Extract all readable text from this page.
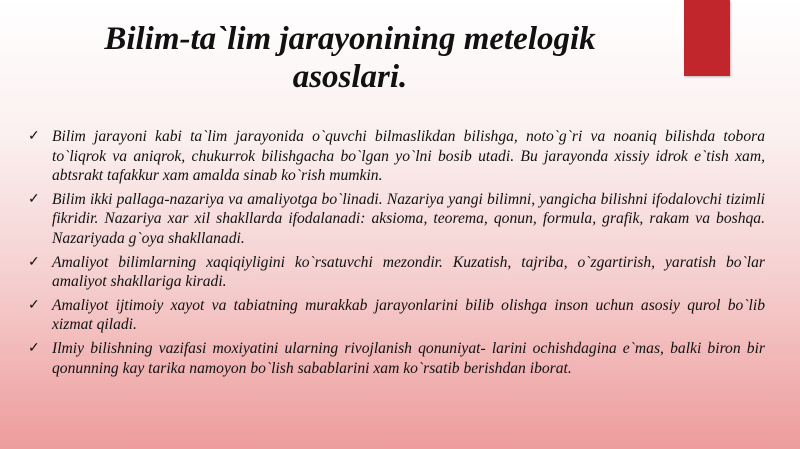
Bilim-ta`lim jarayonining metelogik
asoslari.
✓ Bilim jarayoni kabi ta`lim jarayonida o`quvchi bilmaslikdan bilishga, noto`g`ri va noaniq bilishda tobora to`liqrok va aniqrok, chukurrok bilishgacha bo`lgan yo`lni bosib utadi. Bu jarayonda xissiy idrok e`tish xam, abtsrakt tafakkur xam amalda sinab ko`rish mumkin.
✓ Bilim ikki pallaga-nazariya va amaliyotga bo`linadi. Nazariya yangi bilimni, yangicha bilishni ifodalovchi tizimli fikridir. Nazariya xar xil shakllarda ifodalanadi: aksioma, teorema, qonun, formula, grafik, rakam va boshqa. Nazariyada g`oya shakllanadi.
✓ Amaliyot bilimlarning xaqiqiyligini ko`rsatuvchi mezondir. Kuzatish, tajriba, o`zgartirish, yaratish bo`lar amaliyot shakllariga kiradi.
✓ Amaliyot ijtimoiy xayot va tabiatning murakkab jarayonlarini bilib olishga inson uchun asosiy qurol bo`lib xizmat qiladi.
✓ Ilmiy bilishning vazifasi moxiyatini ularning rivojlanish qonuniyat- larini ochishdagina e`mas, balki biron bir qonunning kay tarika namoyon bo`lish sabablarini xam ko`rsatib berishdan iborat.
